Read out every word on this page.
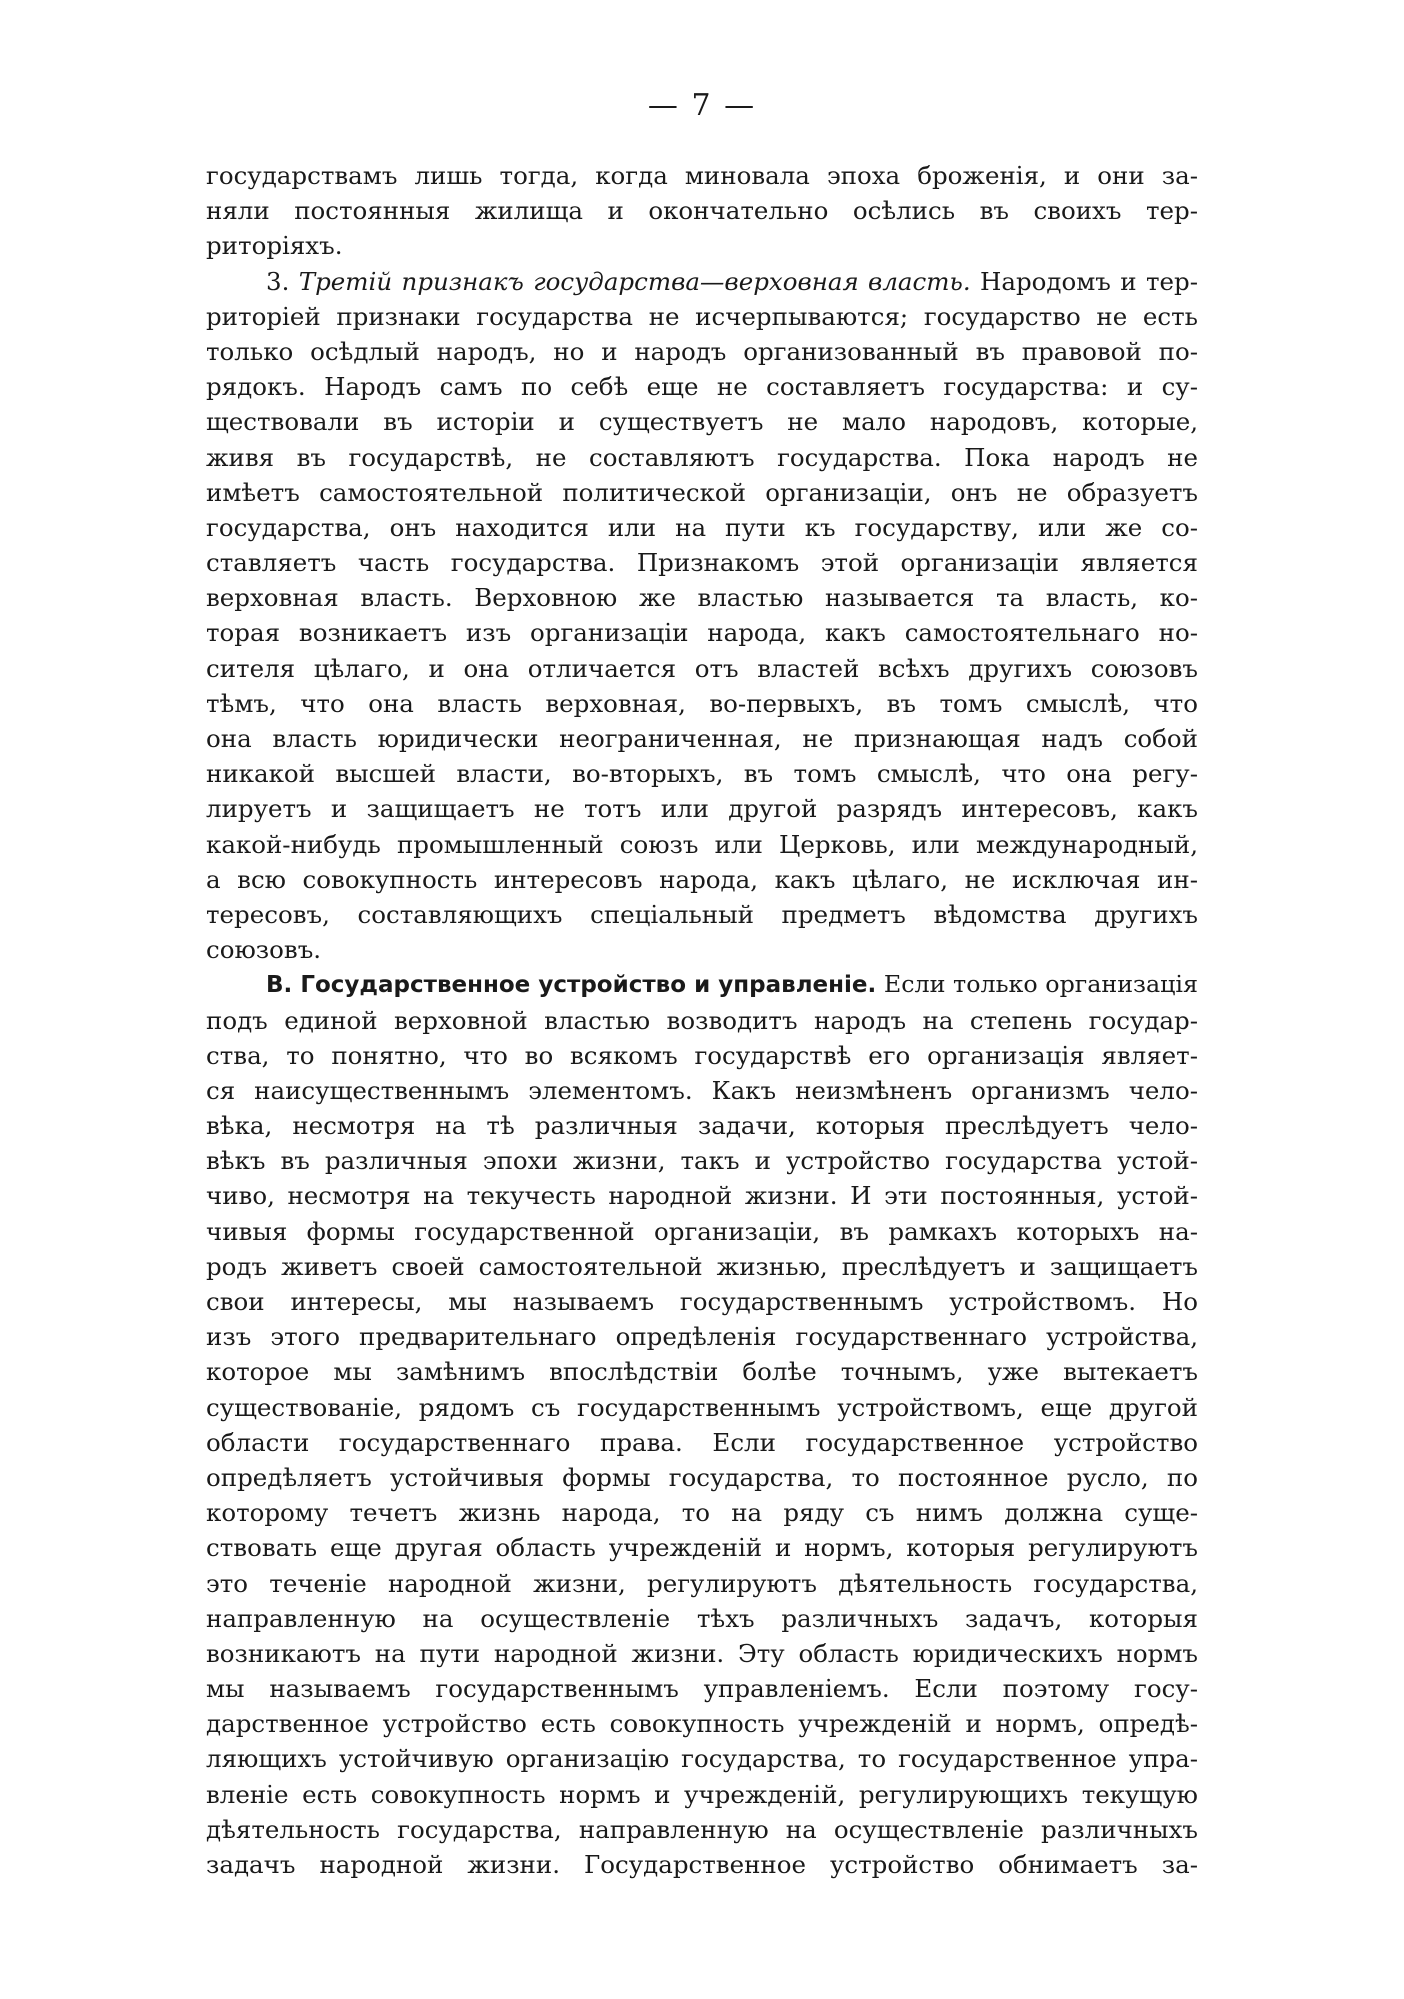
— 7 —
государствамъ лишь тогда, когда миновала эпоха броженія, и они за-
няли постоянныя жилища и окончательно осѣлись въ своихъ тер-
риторіяхъ.
3. Третій признакъ государства—верховная власть. Народомъ и тер-
риторіей признаки государства не исчерпываются; государство не есть
только осѣдлый народъ, но и народъ организованный въ правовой по-
рядокъ. Народъ самъ по себѣ еще не составляетъ государства: и су-
ществовали въ исторіи и существуетъ не мало народовъ, которые,
живя въ государствѣ, не составляютъ государства. Пока народъ не
имѣетъ самостоятельной политической организаціи, онъ не образуетъ
государства, онъ находится или на пути къ государству, или же со-
ставляетъ часть государства. Признакомъ этой организаціи является
верховная власть. Верховною же властью называется та власть, ко-
торая возникаетъ изъ организаціи народа, какъ самостоятельнаго но-
сителя цѣлаго, и она отличается отъ властей всѣхъ другихъ союзовъ
тѣмъ, что она власть верховная, во-первыхъ, въ томъ смыслѣ, что
она власть юридически неограниченная, не признающая надъ собой
никакой высшей власти, во-вторыхъ, въ томъ смыслѣ, что она регу-
лируетъ и защищаетъ не тотъ или другой разрядъ интересовъ, какъ
какой-нибудь промышленный союзъ или Церковь, или международный,
а всю совокупность интересовъ народа, какъ цѣлаго, не исключая ин-
тересовъ, составляющихъ спеціальный предметъ вѣдомства другихъ
союзовъ.
В. Государственное устройство и управленіе. Если только организація
подъ единой верховной властью возводитъ народъ на степень государ-
ства, то понятно, что во всякомъ государствѣ его организація являет-
ся наисущественнымъ элементомъ. Какъ неизмѣненъ организмъ чело-
вѣка, несмотря на тѣ различныя задачи, которыя преслѣдуетъ чело-
вѣкъ въ различныя эпохи жизни, такъ и устройство государства устой-
чиво, несмотря на текучесть народной жизни. И эти постоянныя, устой-
чивыя формы государственной организаціи, въ рамкахъ которыхъ на-
родъ живетъ своей самостоятельной жизнью, преслѣдуетъ и защищаетъ
свои интересы, мы называемъ государственнымъ устройствомъ. Но
изъ этого предварительнаго опредѣленія государственнаго устройства,
которое мы замѣнимъ впослѣдствіи болѣе точнымъ, уже вытекаетъ
существованіе, рядомъ съ государственнымъ устройствомъ, еще другой
области государственнаго права. Если государственное устройство
опредѣляетъ устойчивыя формы государства, то постоянное русло, по
которому течетъ жизнь народа, то на ряду съ нимъ должна суще-
ствовать еще другая область учрежденій и нормъ, которыя регулируютъ
это теченіе народной жизни, регулируютъ дѣятельность государства,
направленную на осуществленіе тѣхъ различныхъ задачъ, которыя
возникаютъ на пути народной жизни. Эту область юридическихъ нормъ
мы называемъ государственнымъ управленіемъ. Если поэтому госу-
дарственное устройство есть совокупность учрежденій и нормъ, опредѣ-
ляющихъ устойчивую организацію государства, то государственное упра-
вленіе есть совокупность нормъ и учрежденій, регулирующихъ текущую
дѣятельность государства, направленную на осуществленіе различныхъ
задачъ народной жизни. Государственное устройство обнимаетъ за-
